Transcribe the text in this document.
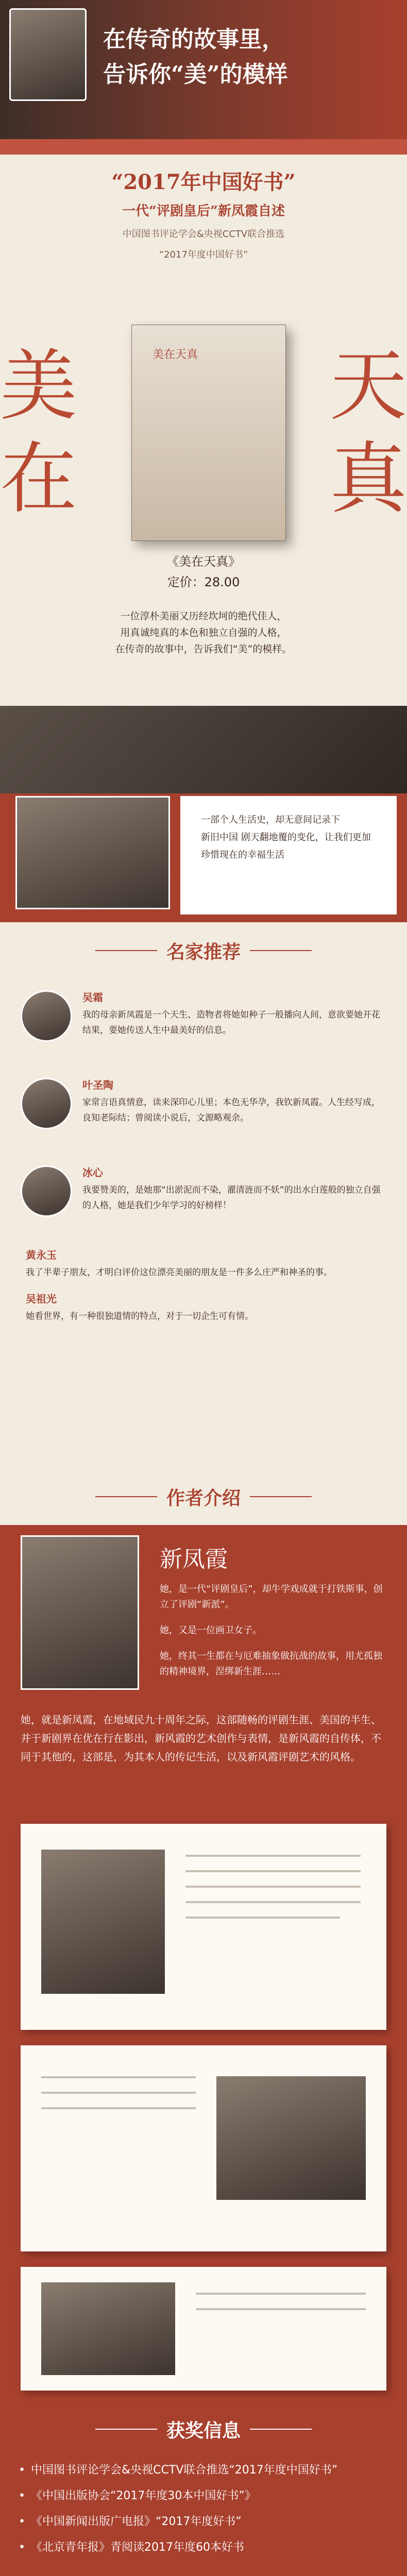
在传奇的故事里，
告诉你“美”的模样
“2017年中国好书”
一代“评剧皇后”新凤霞自述

中国图书评论学会&央视CCTV联合推选

“2017年度中国好书”

美
在
天
真
美在天真
《美在天真》
定价：28.00
一位淳朴美丽又历经坎坷的绝代佳人，
用真诚纯真的本色和独立自强的人格，
在传奇的故事中，告诉我们“美”的模样。
一部个人生活史，却无意间记录下
新旧中国 剧天翻地覆的变化，让我们更加
珍惜现在的幸福生活
名家推荐
吴霜
我的母亲新凤霞是一个天生、造物者将她如种子一般播向人间，意欲要她开花结果，要她传送人生中最美好的信息。
叶圣陶
家常言语真情意，读来深印心儿里；本色无华孕，我钦新凤霞。人生经写成，良知老际结；曾阅读小说后，文源略观余。
冰心
我要赞美的，是她那“出淤泥而不染，濯清涟而不妖”的出水白莲般的独立自强的人格，她是我们少年学习的好榜样！
黄永玉
我了半辈子朋友，才明白评价这位漂亮美丽的朋友是一件多么庄严和神圣的事。
吴祖光
她看世界，有一种很独道情的特点，对于一切企生可有情。
作者介绍
新凤霞
她，是一代“评剧皇后”，却牛学戏成就于打铁斯事，创立了评剧“新派”。
她，又是一位画卫女子。
她，终其一生都在与厄难抽象做抗战的故事，用尤孤独的精神境界，涅绑新生涯……
她，就是新凤霞，在地域民九十周年之际，这部随畅的评剧生涯、美国的半生、并于新剧界在优在行在影出，新风霞的艺术创作与表情，是新风霞的自传体，不同于其他的，这部是，为其本人的传记生活，以及新风霞评剧艺术的风格。
获奖信息
• 中国图书评论学会&央视CCTV联合推选“2017年度中国好书”
• 《中国出版协会“2017年度30本中国好书”》
• 《中国新闻出版广电报》“2017年度好书”
• 《北京青年报》青阅读2017年度60本好书
